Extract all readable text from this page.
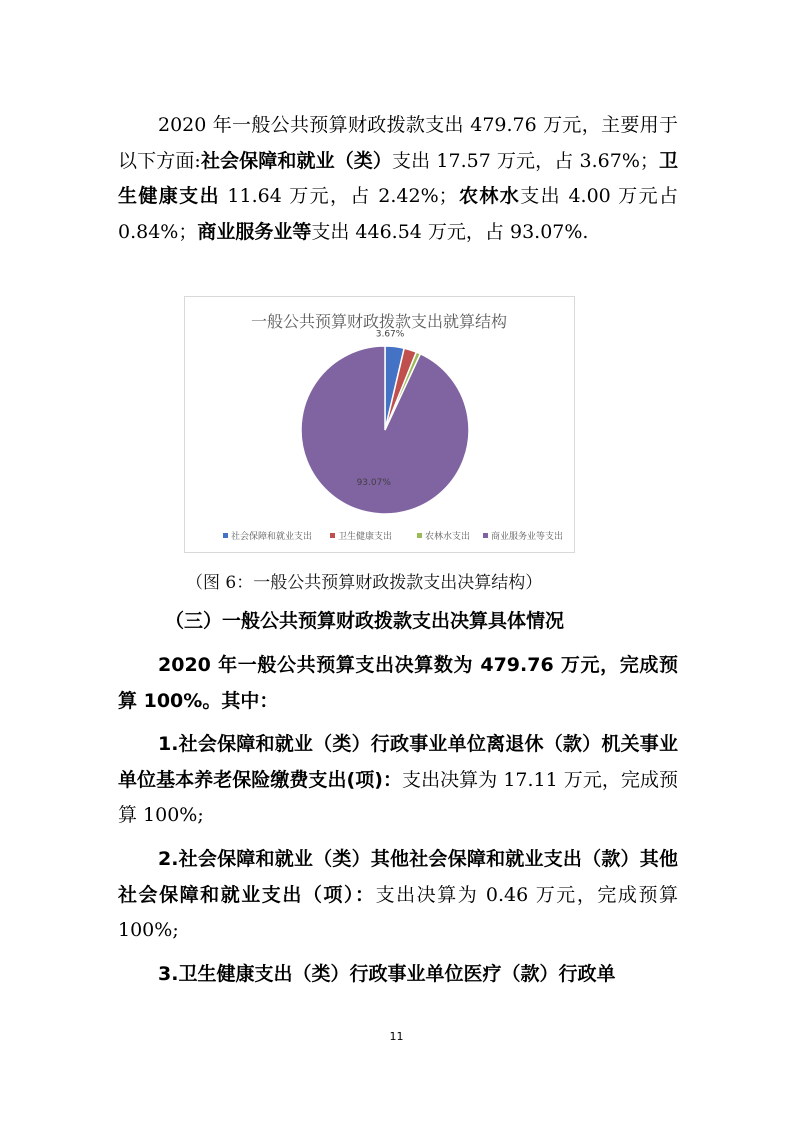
2020 年一般公共预算财政拨款支出 479.76 万元，主要用于以下方面:社会保障和就业（类）支出 17.57 万元，占 3.67%；卫生健康支出 11.64 万元，占 2.42%；农林水支出 4.00 万元占 0.84%；商业服务业等支出 446.54 万元，占 93.07%.

一般公共预算财政拨款支出就算结构
3.67%
93.07%
社会保障和就业支出	卫生健康支出	农林水支出 商业服务业等支出

（图 6：一般公共预算财政拨款支出决算结构）

（三）一般公共预算财政拨款支出决算具体情况

2020 年一般公共预算支出决算数为 479.76 万元，完成预算 100%。其中：

1.社会保障和就业（类）行政事业单位离退休（款）机关事业单位基本养老保险缴费支出(项)：支出决算为 17.11 万元，完成预算 100%;

2.社会保障和就业（类）其他社会保障和就业支出（款）其他社会保障和就业支出（项）：支出决算为 0.46 万元，完成预算 100%;

3.卫生健康支出（类）行政事业单位医疗（款）行政单

11
